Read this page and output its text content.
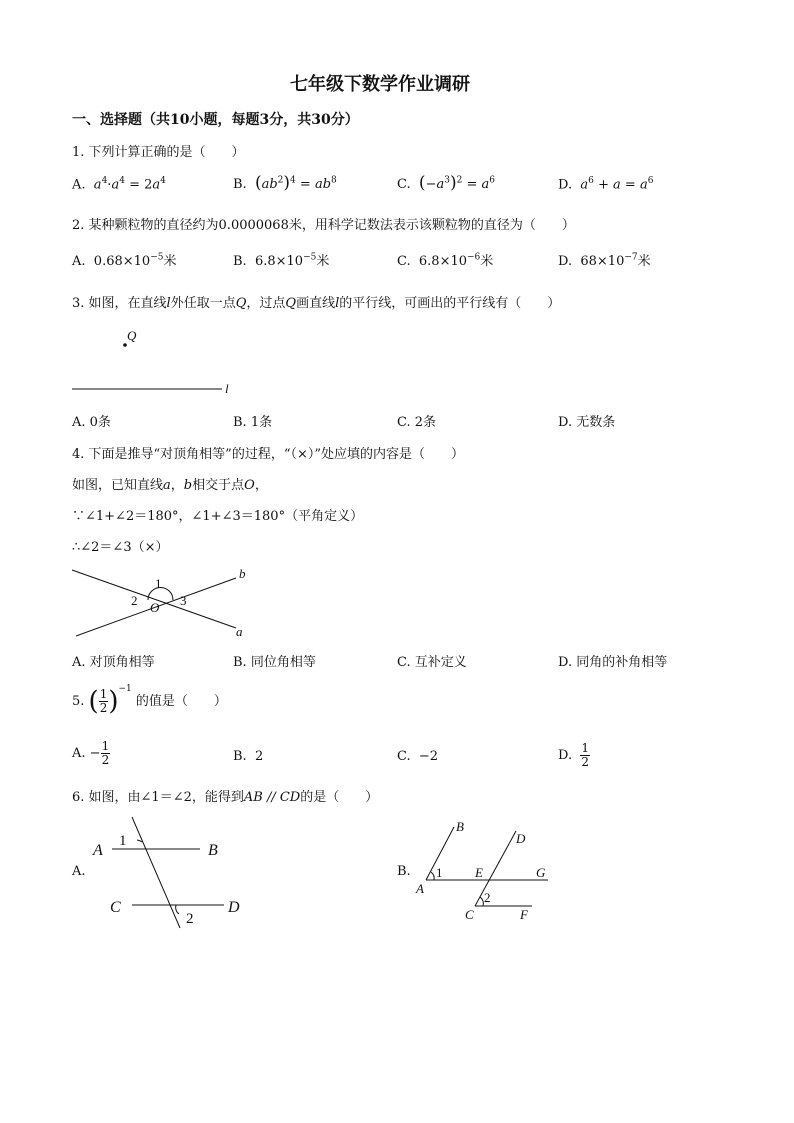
七年级下数学作业调研
一、选择题（共10小题，每题3分，共30分）
1. 下列计算正确的是（　　）
A. $a^4\cdot a^4 = 2a^4$	B. $(ab^2)^4 = ab^8$	C. $(-a^3)^2 = a^6$	D. $a^6 + a = a^6$
2. 某种颗粒物的直径约为0.0000068米，用科学记数法表示该颗粒物的直径为（　　）
A. $0.68\times 10^{-5}$米	B. $6.8\times 10^{-5}$米	C. $6.8\times 10^{-6}$米	D. $68\times 10^{-7}$米
3. 如图，在直线l外任取一点Q，过点Q画直线l的平行线，可画出的平行线有（　　）
Q
l
A. 0条	B. 1条	C. 2条	D. 无数条
4. 下面是推导“对顶角相等”的过程，“（×）”处应填的内容是（　　）
如图，已知直线a，b相交于点O，
∵∠1+∠2＝180°，∠1+∠3＝180°（平角定义）
∴∠2＝∠3（×）
b
a
1
2	3
O
A. 对顶角相等	B. 同位角相等	C. 互补定义	D. 同角的补角相等
5. ( $\frac{1}{2} )^{-1}$ 的值是（　　）
A. − $\frac{1}{2}$	B. 2	C. −2	D. $\frac{1}{2}$
6. 如图，由∠1＝∠2，能得到AB // CD的是（　　）
A.
A	B
C	D
1
2
B.
A
B
D
E	G
C	F
1
2
